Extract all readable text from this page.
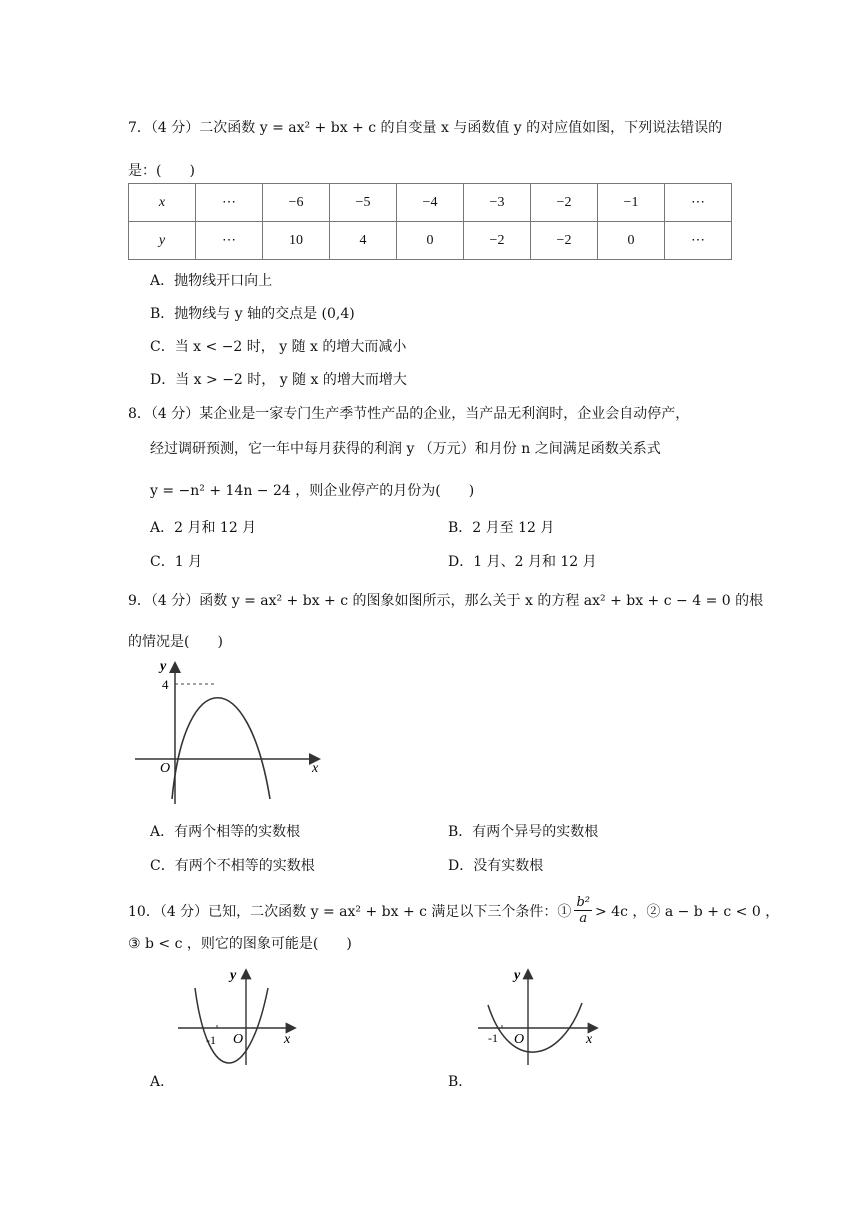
7．（4 分）二次函数 y = ax² + bx + c 的自变量 x 与函数值 y 的对应值如图，下列说法错误的
是：(　　)
x	⋯	−6	−5	−4	−3	−2	−1	⋯
y	⋯	10	4	0	−2	−2	0	⋯
A．抛物线开口向上
B．抛物线与 y 轴的交点是 (0,4)
C．当 x < −2 时， y 随 x 的增大而减小
D．当 x > −2 时， y 随 x 的增大而增大
8．（4 分）某企业是一家专门生产季节性产品的企业，当产品无利润时，企业会自动停产，
经过调研预测，它一年中每月获得的利润 y （万元）和月份 n 之间满足函数关系式
y = −n² + 14n − 24 ，则企业停产的月份为(　　)
A．2 月和 12 月	B．2 月至 12 月
C．1 月	D．1 月、2 月和 12 月
9．（4 分）函数 y = ax² + bx + c 的图象如图所示，那么关于 x 的方程 ax² + bx + c − 4 = 0 的根
的情况是(　　)
y
x
O
4
A．有两个相等的实数根	B．有两个异号的实数根
C．有两个不相等的实数根	D．没有实数根
10．（4 分）已知，二次函数 y = ax² + bx + c 满足以下三个条件：① $\frac{\text{b²}}{a} > 4c$ ，② a − b + c < 0 ，
③ b < c ，则它的图象可能是(　　)
y
x
O
-1
A．
y
x
O
-1
B．
